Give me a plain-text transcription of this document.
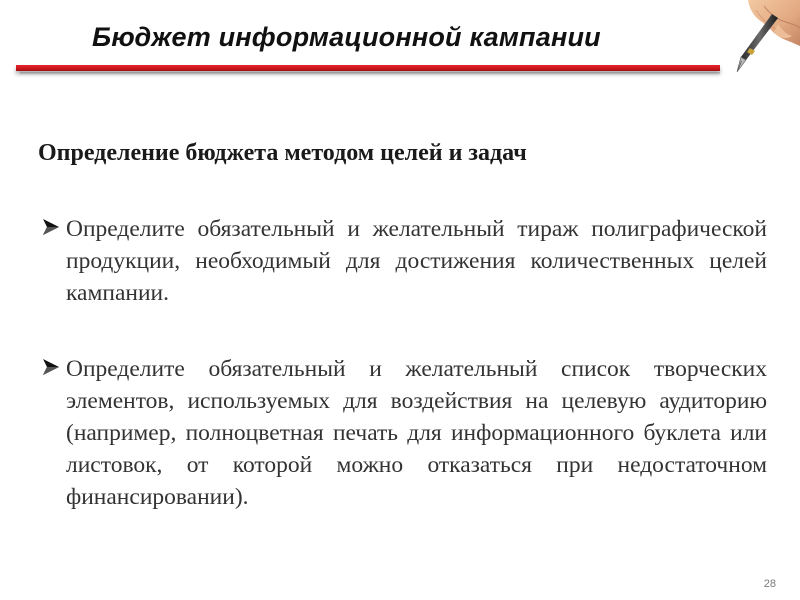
Бюджет информационной кампании
Определение бюджета методом целей и задач

Определите обязательный и желательный тираж полиграфической продукции, необходимый для достижения количественных целей кампании.

Определите обязательный и желательный список творческих элементов, используемых для воздействия на целевую аудиторию (например, полноцветная печать для информационного буклета или листовок, от которой можно отказаться при недостаточном финансировании).

28
